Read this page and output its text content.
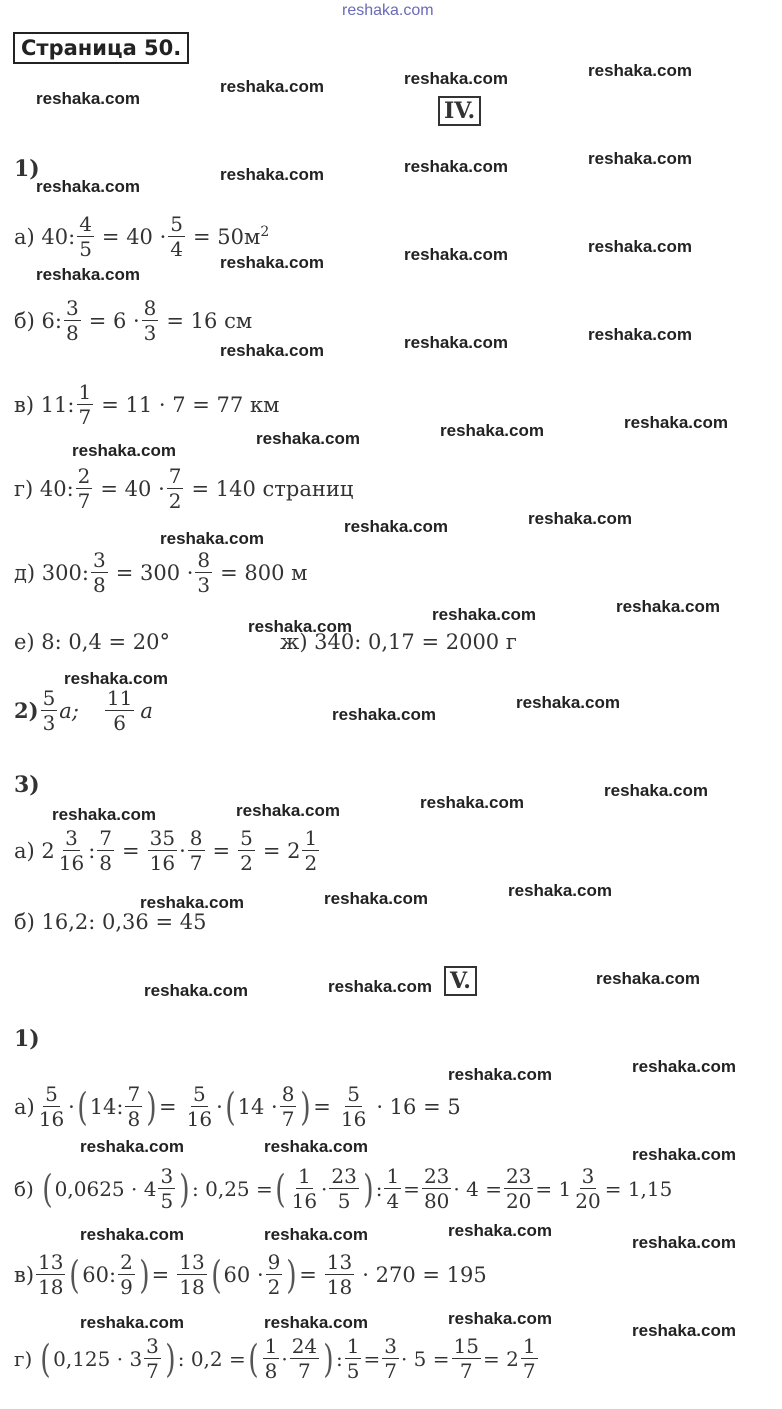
reshaka.com
Страница 50.
reshaka.com
reshaka.com	reshaka.com	reshaka.com
reshaka.com
reshaka.com	reshaka.com	reshaka.com
reshaka.com
reshaka.com	reshaka.com	reshaka.com
reshaka.com	reshaka.com	reshaka.com
reshaka.com
reshaka.com	reshaka.com	reshaka.com
reshaka.com
reshaka.com	reshaka.com
reshaka.com
reshaka.com	reshaka.com
reshaka.com
reshaka.com
reshaka.com
reshaka.com	reshaka.com	reshaka.com
reshaka.com
reshaka.com	reshaka.com	reshaka.com
reshaka.com	reshaka.com	reshaka.com
reshaka.com	reshaka.com
reshaka.com	reshaka.com	reshaka.com
reshaka.com	reshaka.com	reshaka.com
reshaka.com
reshaka.com	reshaka.com	reshaka.com
reshaka.com
IV.
1)
а) 40: $\frac{4}{5} = 40 \cdot \frac{5}{4} = 50м^2$
б) 6: $\frac{3}{8} = 6 \cdot \frac{8}{3} = 16$ см
в) 11: $\frac{1}{7} = 11 \cdot 7 = 77$ км
г) 40: $\frac{2}{7} = 40 \cdot \frac{7}{2} = 140$ страниц
д) 300: $\frac{3}{8} = 300 \cdot \frac{8}{3} = 800$ м
е) 8: 0,4 = 20°	ж) 340: 0,17 = 2000 г
$2) \frac{5}{3} a$; $\frac{11}{6}$ a
3)
а) $2 \frac{3}{16}$ : $\frac{7}{8} = \frac{35}{16} \cdot \frac{8}{7} = \frac{5}{2} = 2 \frac{1}{2}$
б) 16,2: 0,36 = 45
V.
1)
$а) \frac{5}{16}$ · ( 14: $\frac{7}{8}$ ) = $\frac{5}{16}$ · ( $14 \cdot \frac{8}{7}$ ) = $\frac{5}{16} \cdot 16 = 5$
б) ( $0,0625 \cdot 4 \frac{3}{5}$ ) : 0,25 = ( $\frac{1}{16} \cdot \frac{23}{5}$ ) : $\frac{1}{4} = \frac{23}{80} \cdot 4 = \frac{23}{20} = 1 \frac{3}{20} = 1,15$
$в) \frac{13}{18}$ ( 60: $\frac{2}{9}$ ) = $\frac{13}{18}$ ( $60 \cdot \frac{9}{2}$ ) = $\frac{13}{18} \cdot 270 = 195$
г) ( $0,125 \cdot 3 \frac{3}{7}$ ) : 0,2 = ( $\frac{1}{8} \cdot \frac{24}{7}$ ) : $\frac{1}{5} = \frac{3}{7} \cdot 5 = \frac{15}{7} = 2 \frac{1}{7}$
